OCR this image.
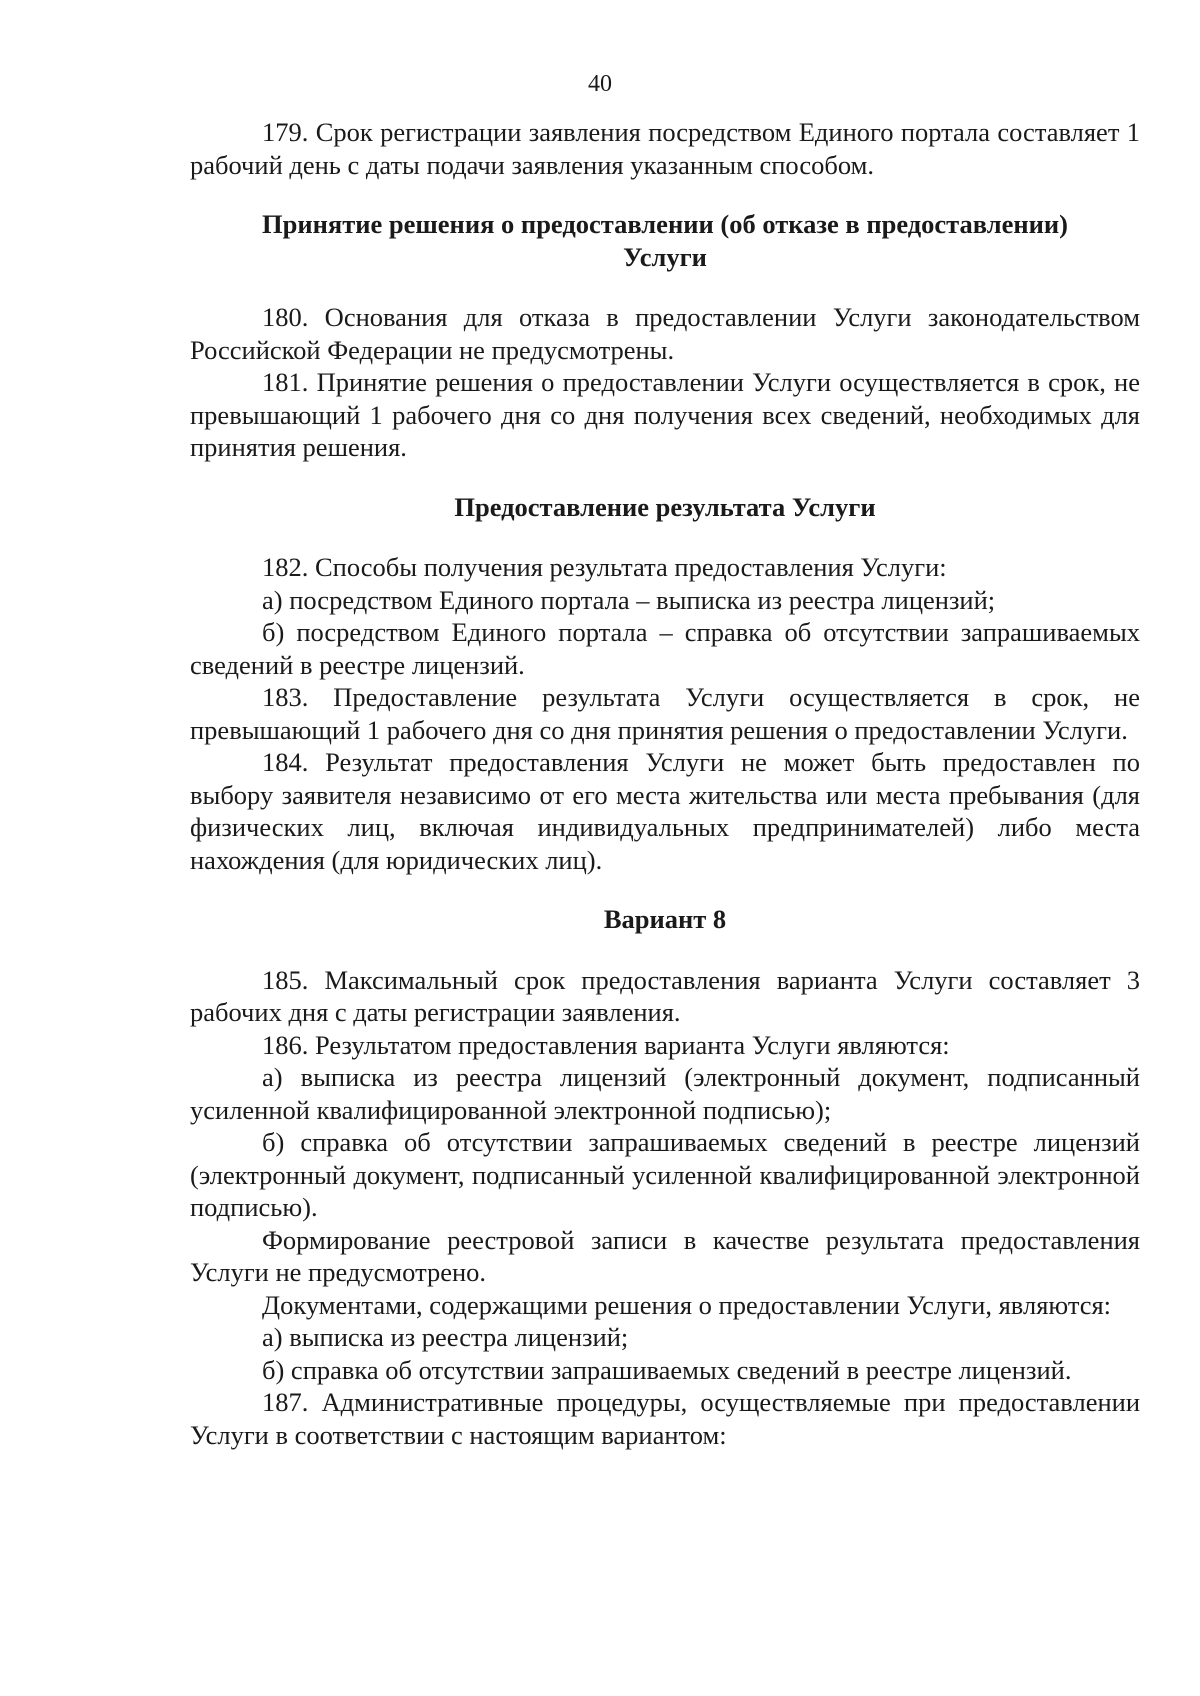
40

179. Срок регистрации заявления посредством Единого портала составляет 1 рабочий день с даты подачи заявления указанным способом.

Принятие решения о предоставлении (об отказе в предоставлении)
Услуги

180. Основания для отказа в предоставлении Услуги законодательством Российской Федерации не предусмотрены.

181. Принятие решения о предоставлении Услуги осуществляется в срок, не превышающий 1 рабочего дня со дня получения всех сведений, необходимых для принятия решения.

Предоставление результата Услуги

182. Способы получения результата предоставления Услуги:

а) посредством Единого портала – выписка из реестра лицензий;

б) посредством Единого портала – справка об отсутствии запрашиваемых сведений в реестре лицензий.

183. Предоставление результата Услуги осуществляется в срок, не превышающий 1 рабочего дня со дня принятия решения о предоставлении Услуги.

184. Результат предоставления Услуги не может быть предоставлен по выбору заявителя независимо от его места жительства или места пребывания (для физических лиц, включая индивидуальных предпринимателей) либо места нахождения (для юридических лиц).

Вариант 8

185. Максимальный срок предоставления варианта Услуги составляет 3 рабочих дня с даты регистрации заявления.

186. Результатом предоставления варианта Услуги являются:

а) выписка из реестра лицензий (электронный документ, подписанный усиленной квалифицированной электронной подписью);

б) справка об отсутствии запрашиваемых сведений в реестре лицензий (электронный документ, подписанный усиленной квалифицированной электронной подписью).

Формирование реестровой записи в качестве результата предоставления Услуги не предусмотрено.

Документами, содержащими решения о предоставлении Услуги, являются:

а) выписка из реестра лицензий;

б) справка об отсутствии запрашиваемых сведений в реестре лицензий.

187. Административные процедуры, осуществляемые при предоставлении Услуги в соответствии с настоящим вариантом:
